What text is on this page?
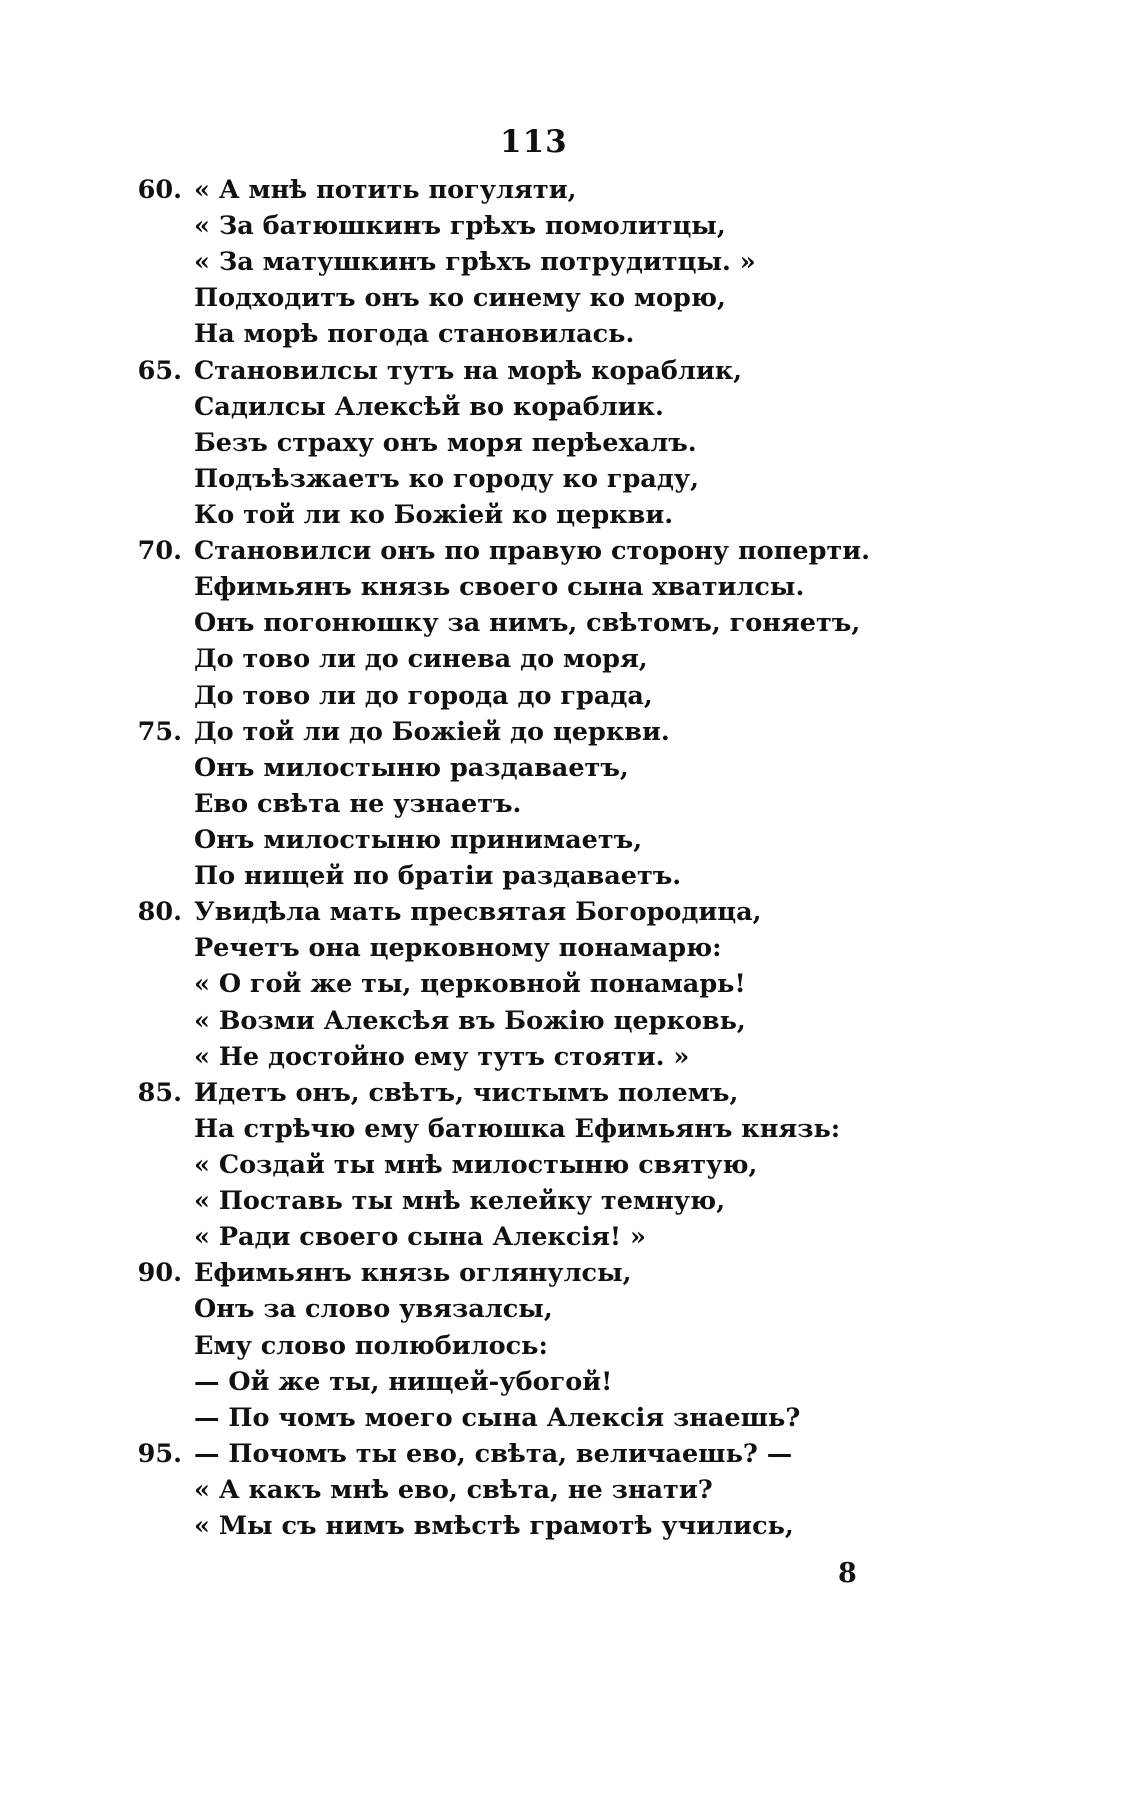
113
60. « А мнѣ потить погуляти,
« За батюшкинъ грѣхъ помолитцы,
« За матушкинъ грѣхъ потрудитцы. »
Подходитъ онъ ко синему ко морю,
На морѣ погода становилась.
65. Становилсы тутъ на морѣ кораблик,
Садилсы Алексѣй во кораблик.
Безъ страху онъ моря перѣехалъ.
Подъѣзжаетъ ко городу ко граду,
Ко той ли ко Божіей ко церкви.
70. Становилси онъ по правую сторону поперти.
Ефимьянъ князь своего сына хватилсы.
Онъ погонюшку за нимъ, свѣтомъ, гоняетъ,
До тово ли до синева до моря,
До тово ли до города до града,
75. До той ли до Божіей до церкви.
Онъ милостыню раздаваетъ,
Ево свѣта не узнаетъ.
Онъ милостыню принимаетъ,
По нищей по братіи раздаваетъ.
80. Увидѣла мать пресвятая Богородица,
Речетъ она церковному понамарю:
« О гой же ты, церковной понамарь!
« Возми Алексѣя въ Божію церковь,
« Не достойно ему тутъ стояти. »
85. Идетъ онъ, свѣтъ, чистымъ полемъ,
На стрѣчю ему батюшка Ефимьянъ князь:
« Создай ты мнѣ милостыню святую,
« Поставь ты мнѣ келейку темную,
« Ради своего сына Алексія! »
90. Ефимьянъ князь оглянулсы,
Онъ за слово увязалсы,
Ему слово полюбилось:
— Ой же ты, нищей-убогой!
— По чомъ моего сына Алексія знаешь?
95. — Почомъ ты ево, свѣта, величаешь? —
« А какъ мнѣ ево, свѣта, не знати?
« Мы съ нимъ вмѣстѣ грамотѣ учились,
8
